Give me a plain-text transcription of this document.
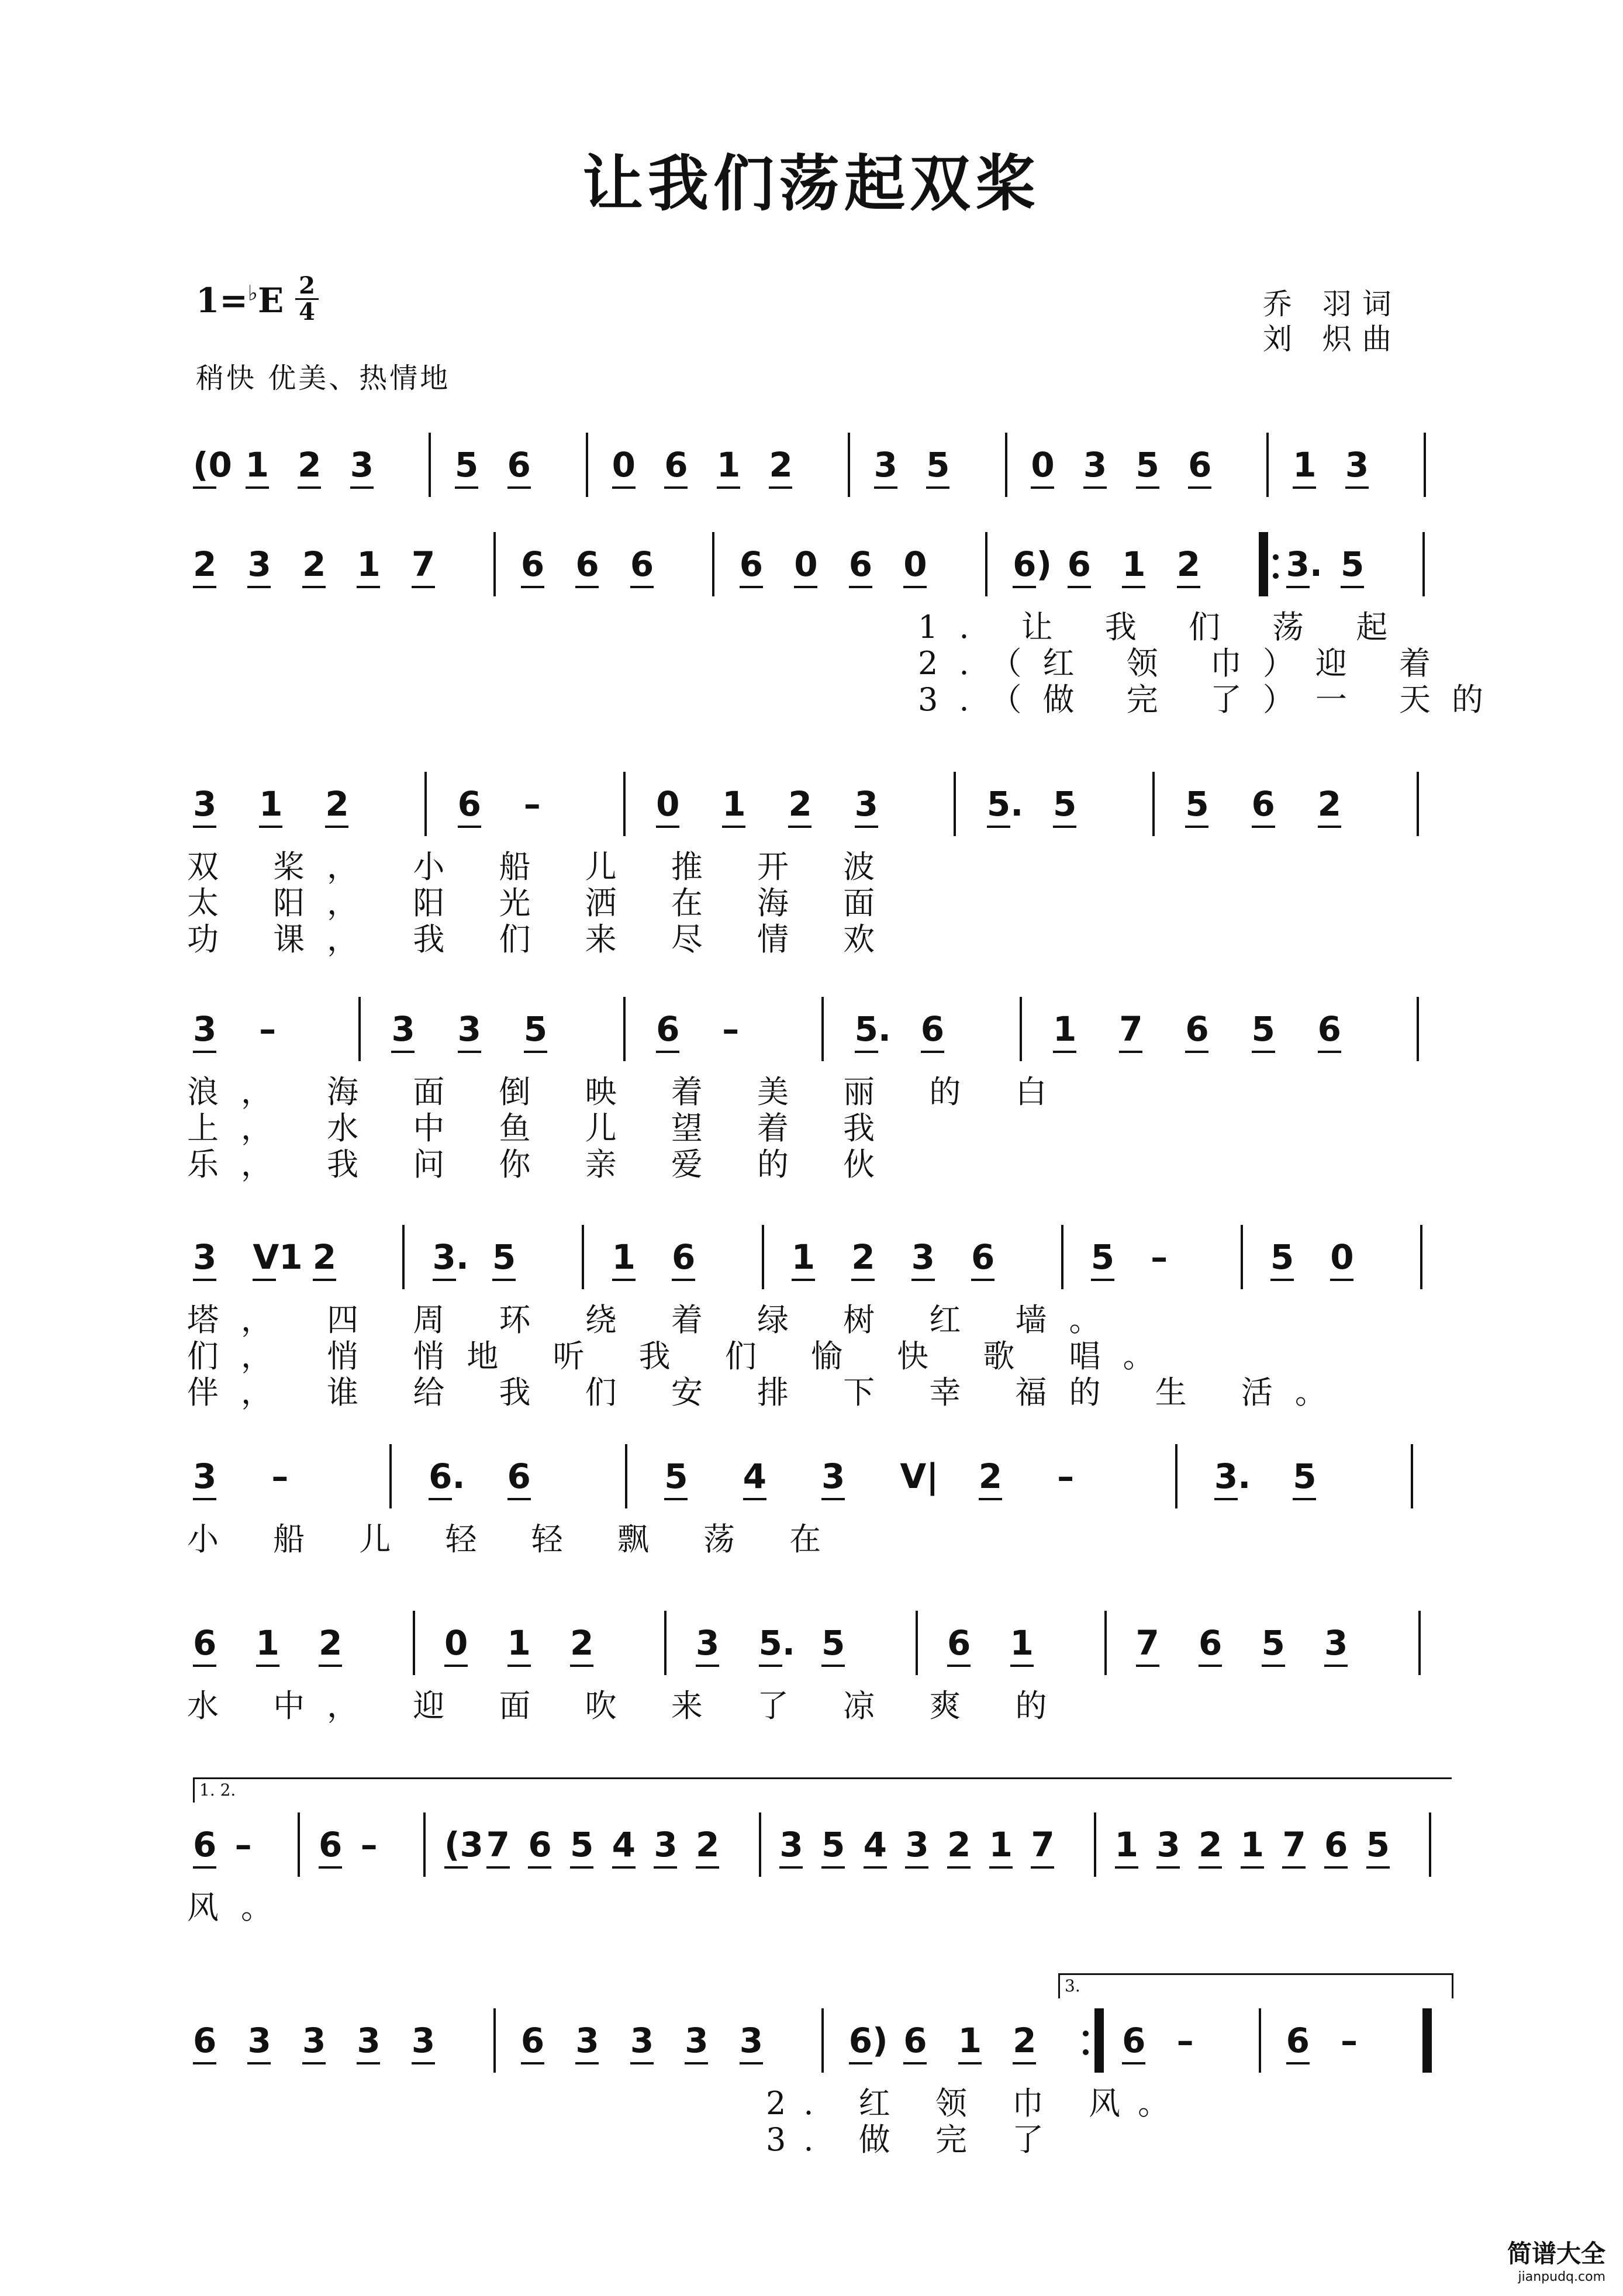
让我们荡起双桨
1=♭E 2
4
稍快 优美、热情地
乔 羽词
刘 炽曲
(0 1 2 3 5 6 0 6 1 2 3 5 0 3 5 6 1 3
2 3 2 1 7	6 6 6	6 0 6 0	6) 6 1 2	3. 5
1. 让 我 们 荡 起
2.（红 领 巾）迎 着
3.（做 完 了）一 天的
3 1 2	6 –	0 1 2 3	5. 5	5 6 2
双 桨， 小 船 儿 推 开 波
太 阳， 阳 光 洒 在 海 面
功 课， 我 们 来 尽 情 欢
3 –	3 3 5	6 –	5. 6	1 7 6 5 6
浪， 海 面 倒 映 着 美 丽 的 白
上， 水 中 鱼 儿 望 着 我
乐， 我 问 你 亲 爱 的 伙
3 V1 2	3. 5	1 6	1 2 3 6	5 –	5 0
塔， 四 周 环 绕 着 绿 树 红 墙。
们， 悄 悄地 听 我 们 愉 快 歌 唱。
伴， 谁 给 我 们 安 排 下 幸 福的 生 活。
3 –	6. 6	5 4 3 V| 2 –	3. 5
小 船 儿 轻 轻 飘 荡 在
6 1 2	0 1 2	3 5. 5	6 1	7 6 5 3
水 中， 迎 面 吹 来 了 凉 爽 的
1. 2.
6 – 6 – (3 7 6 5 4 3 2 3 5 4 3 2 1 7 1 3 2 1 7 6 5
风。
3.
6 3 3 3 3	6 3 3 3 3	6) 6 1 2	6 –	6 –
2. 红 领 巾 风。
3. 做 完 了
简谱大全
jianpudq.com
